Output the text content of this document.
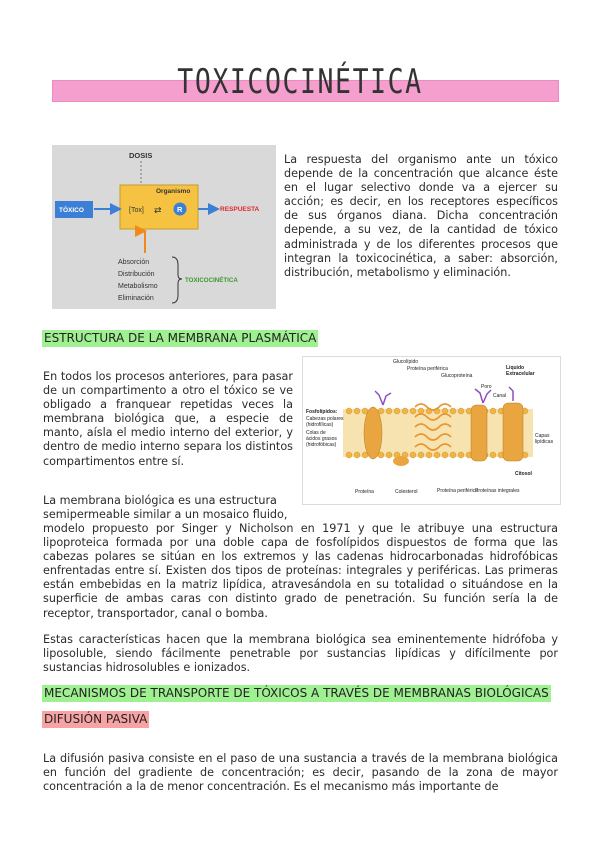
TOXICOCINÉTICA
DOSIS
Organismo
TÓXICO	[Tox] ⇄ R	RESPUESTA
Absorción
Distribución
Metabolismo
Eliminación
TOXICOCINÉTICA

La respuesta del organismo ante un tóxico depende de la concentración que alcance éste en el lugar selectivo donde va a ejercer su acción; es decir, en los receptores específicos de sus órganos diana. Dicha concentración depende, a su vez, de la cantidad de tóxico administrada y de los diferentes procesos que integran la toxicocinética, a saber: absorción, distribución, metabolismo y eliminación.

ESTRUCTURA DE LA MEMBRANA PLASMÁTICA

En todos los procesos anteriores, para pasar de un compartimento a otro el tóxico se ve obligado a franquear repetidas veces la membrana biológica que, a especie de manto, aísla el medio interno del exterior, y dentro de medio interno separa los distintos compartimentos entre sí.

La membrana biológica es una estructura
semipermeable similar a un mosaico fluido,

modelo propuesto por Singer y Nicholson en 1971 y que le atribuye una estructura lipoproteica formada por una doble capa de fosfolípidos dispuestos de forma que las cabezas polares se sitúan en los extremos y las cadenas hidrocarbonadas hidrofóbicas enfrentadas entre sí. Existen dos tipos de proteínas: integrales y periféricas. Las primeras están embebidas en la matriz lipídica, atravesándola en su totalidad o situándose en la superficie de ambas caras con distinto grado de penetración. Su función sería la de receptor, transportador, canal o bomba.

Estas características hacen que la membrana biológica sea eminentemente hidrófoba y liposoluble, siendo fácilmente penetrable por sustancias lipídicas y difícilmente por sustancias hidrosolubles e ionizados.

Glucolípido
Proteína periférica
Glucoproteína
Líquido
Extracelular
Poro
Canal
Fosfolípidos:
Cabezas polares
(hidrofílicas)
Colas de
ácidos grasos
(hidrofóbicas)
Capas
lipídicas
Citosol
Proteína	Colesterol	Proteína periférica
Proteínas integrales
MECANISMOS DE TRANSPORTE DE TÓXICOS A TRAVÉS DE MEMBRANAS BIOLÓGICAS
DIFUSIÓN PASIVA

La difusión pasiva consiste en el paso de una sustancia a través de la membrana biológica en función del gradiente de concentración; es decir, pasando de la zona de mayor concentración a la de menor concentración. Es el mecanismo más importante de
